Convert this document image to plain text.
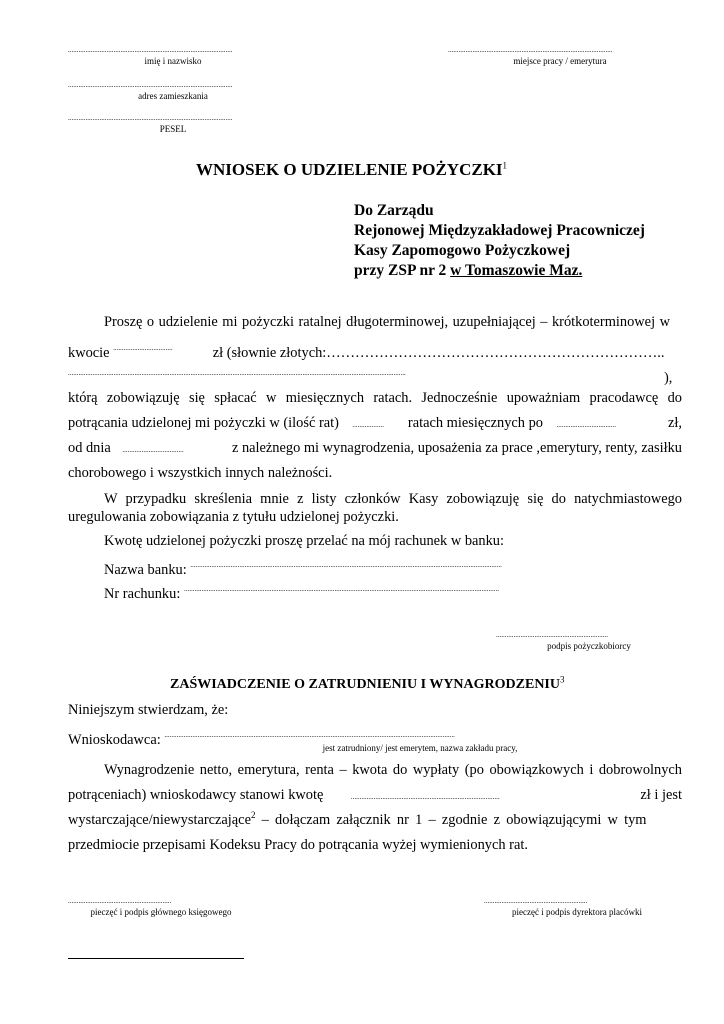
..............................................................................................
imię i nazwisko
..............................................................................................
miejsce pracy / emerytura
..............................................................................................
adres zamieszkania
..............................................................................................
PESEL
WNIOSEK O UDZIELENIE POŻYCZKI$^1$
Do Zarządu
Rejonowej Międzyzakładowej Pracowniczej
Kasy Zapomogowo Pożyczkowej
przy ZSP nr 2 w Tomaszowie Maz.
Proszę o udzielenie mi pożyczki ratalnej długoterminowej, uzupełniającej – krótkoterminowej w
kwocie ..................................	zł (słownie złotych:……………………………………………………………..
.................................................................................................................................................................................................	),
którą zobowiązuję się spłacać w miesięcznych ratach. Jednocześnie upoważniam pracodawcę do
potrącania udzielonej mi pożyczki w (ilość rat) ..................	ratach miesięcznych po ..................................	zł,
od dnia ...................................	z należnego mi wynagrodzenia, uposażenia za prace ,emerytury, renty, zasiłku
chorobowego i wszystkich innych należności.
W przypadku skreślenia mnie z listy członków Kasy zobowiązuję się do natychmiastowego
uregulowania zobowiązania z tytułu udzielonej pożyczki.
Kwotę udzielonej pożyczki proszę przelać na mój rachunek w banku:
Nazwa banku: ..................................................................................................................................................................................
Nr rachunku: ....................................................................................................................................................................................
................................................................
podpis pożyczkobiorcy
ZAŚWIADCZENIE O ZATRUDNIENIU I WYNAGRODZENIU$^3$
Niniejszym stwierdzam, że:
Wnioskodawca: ......................................................................................................................................................................
jest zatrudniony/ jest emerytem, nazwa zakładu pracy,
Wynagrodzenie netto, emerytura, renta – kwota do wypłaty (po obowiązkowych i dobrowolnych
potrąceniach) wnioskodawcy stanowi kwotę	.....................................................................................	zł i jest
wystarczające/niewystarczające$^2$ – dołączam załącznik nr 1 – zgodnie z obowiązującymi w tym
przedmiocie przepisami Kodeksu Pracy do potrącania wyżej wymienionych rat.
...........................................................
pieczęć i podpis głównego księgowego
...........................................................
pieczęć i podpis dyrektora placówki
